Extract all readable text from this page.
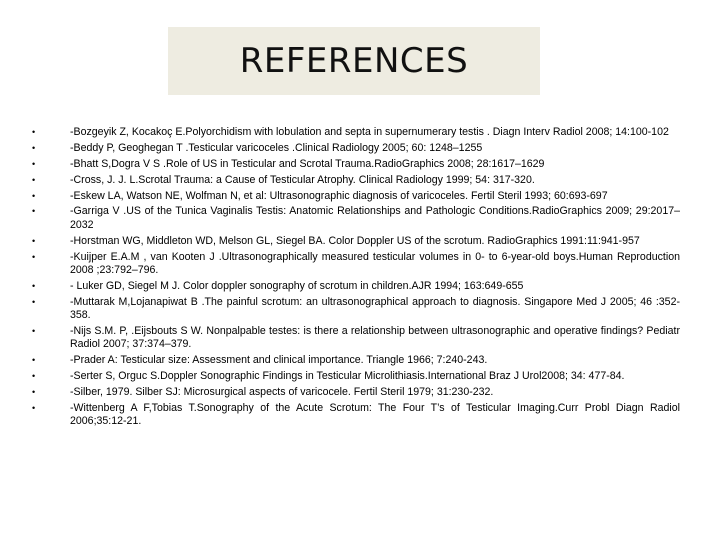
REFERENCES
•	-Bozgeyik Z, Kocakoç E.Polyorchidism with lobulation and septa in supernumerary testis . Diagn Interv Radiol 2008; 14:100-102
•	-Beddy P, Geoghegan T .Testicular varicoceles .Clinical Radiology 2005; 60: 1248–1255
•	-Bhatt S,Dogra V S .Role of US in Testicular and Scrotal Trauma.RadioGraphics 2008; 28:1617–1629
•	-Cross, J. J. L.Scrotal Trauma: a Cause of Testicular Atrophy. Clinical Radiology 1999; 54: 317-320.
•	-Eskew LA, Watson NE, Wolfman N, et al: Ultrasonographic diagnosis of varicoceles. Fertil Steril 1993; 60:693-697
•	-Garriga V .US of the Tunica Vaginalis Testis: Anatomic Relationships and Pathologic Conditions.RadioGraphics 2009; 29:2017–2032
•	-Horstman WG, Middleton WD, Melson GL, Siegel BA. Color Doppler US of the scrotum. RadioGraphics 1991:11:941-957
•	-Kuijper E.A.M , van Kooten J .Ultrasonographically measured testicular volumes in 0- to 6-year-old boys.Human Reproduction 2008 ;23:792–796.
•	- Luker GD, Siegel M J. Color doppler sonography of scrotum in children.AJR 1994; 163:649-655
•	-Muttarak M,Lojanapiwat B .The painful scrotum: an ultrasonographical approach to diagnosis. Singapore Med J 2005; 46 :352-358.
•	-Nijs S.M. P, .Eijsbouts S W. Nonpalpable testes: is there a relationship between ultrasonographic and operative findings? Pediatr Radiol 2007; 37:374–379.
•	-Prader A: Testicular size: Assessment and clinical importance. Triangle 1966; 7:240-243.
•	-Serter S, Orguc S.Doppler Sonographic Findings in Testicular Microlithiasis.International Braz J Urol2008; 34: 477-84.
•	-Silber, 1979. Silber SJ: Microsurgical aspects of varicocele. Fertil Steril 1979; 31:230-232.
•	-Wittenberg A F,Tobias T.Sonography of the Acute Scrotum: The Four T’s of Testicular Imaging.Curr Probl Diagn Radiol 2006;35:12-21.
